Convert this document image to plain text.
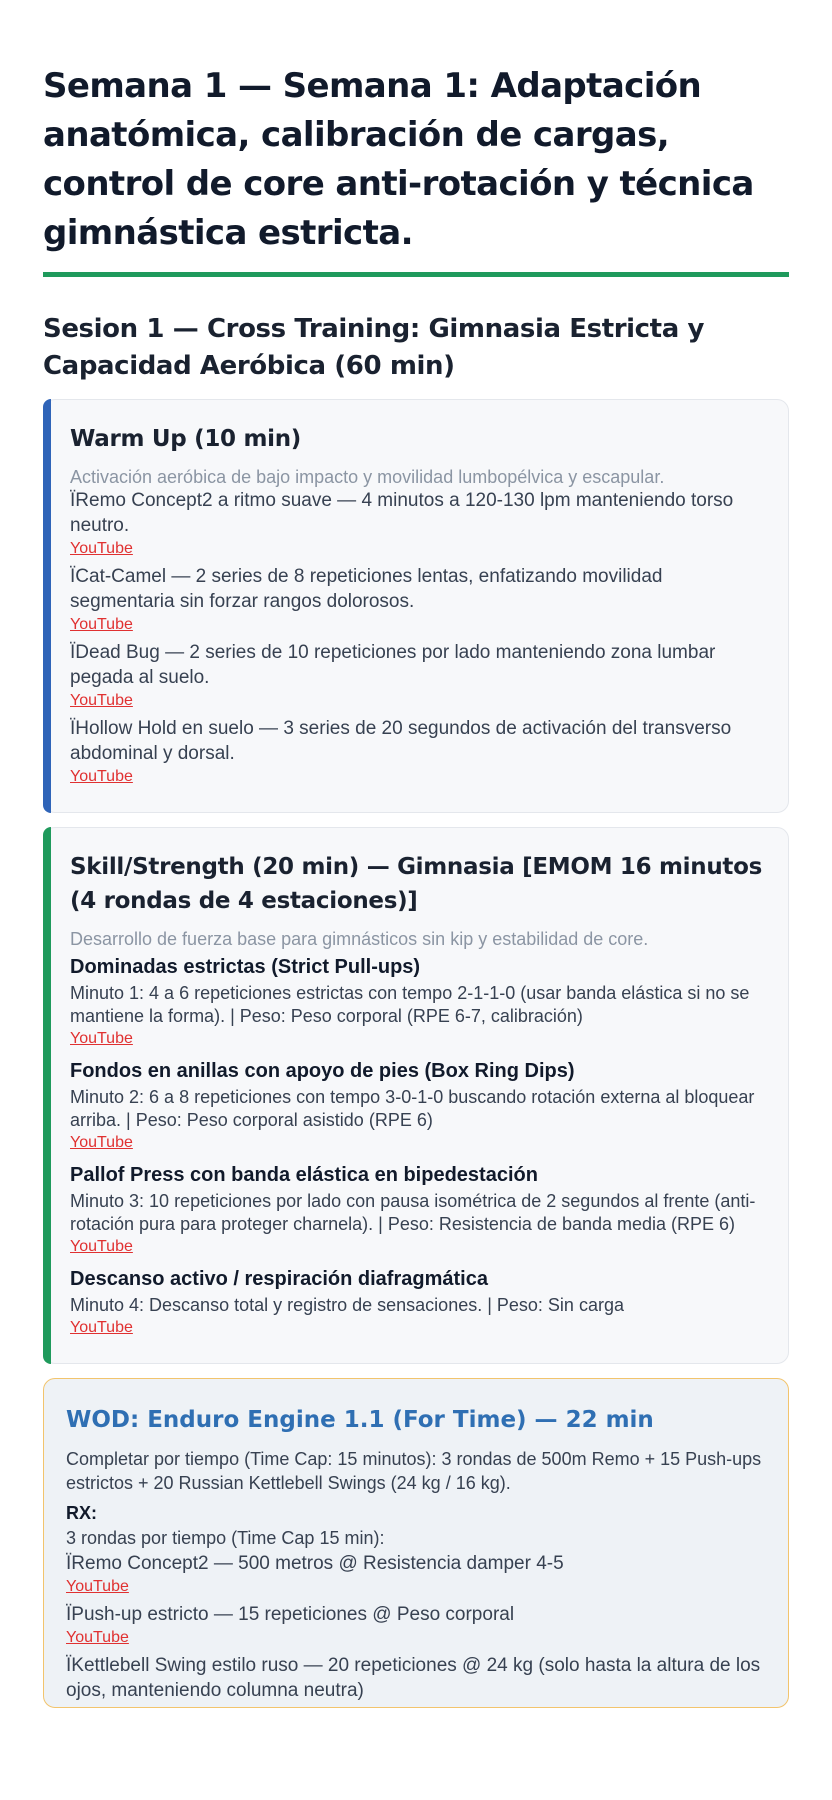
Semana 1 — Semana 1: Adaptación anatómica, calibración de cargas, control de core anti-rotación y técnica gimnástica estricta.
Sesion 1 — Cross Training: Gimnasia Estricta y Capacidad Aeróbica (60 min)
Warm Up (10 min)

Activación aeróbica de bajo impacto y movilidad lumbopélvica y escapular.

ÏRemo Concept2 a ritmo suave — 4 minutos a 120-130 lpm manteniendo torso neutro.

YouTube

ÏCat-Camel — 2 series de 8 repeticiones lentas, enfatizando movilidad segmentaria sin forzar rangos dolorosos.

YouTube

ÏDead Bug — 2 series de 10 repeticiones por lado manteniendo zona lumbar pegada al suelo.

YouTube

ÏHollow Hold en suelo — 3 series de 20 segundos de activación del transverso abdominal y dorsal.

YouTube
Skill/Strength (20 min) — Gimnasia [EMOM 16 minutos (4 rondas de 4 estaciones)]

Desarrollo de fuerza base para gimnásticos sin kip y estabilidad de core.

Dominadas estrictas (Strict Pull-ups)

Minuto 1: 4 a 6 repeticiones estrictas con tempo 2-1-1-0 (usar banda elástica si no se mantiene la forma). | Peso: Peso corporal (RPE 6-7, calibración)

YouTube
Fondos en anillas con apoyo de pies (Box Ring Dips)

Minuto 2: 6 a 8 repeticiones con tempo 3-0-1-0 buscando rotación externa al bloquear arriba. | Peso: Peso corporal asistido (RPE 6)

YouTube
Pallof Press con banda elástica en bipedestación

Minuto 3: 10 repeticiones por lado con pausa isométrica de 2 segundos al frente (anti-rotación pura para proteger charnela). | Peso: Resistencia de banda media (RPE 6)

YouTube
Descanso activo / respiración diafragmática

Minuto 4: Descanso total y registro de sensaciones. | Peso: Sin carga

YouTube
WOD: Enduro Engine 1.1 (For Time) — 22 min

Completar por tiempo (Time Cap: 15 minutos): 3 rondas de 500m Remo + 15 Push-ups estrictos + 20 Russian Kettlebell Swings (24 kg / 16 kg).

RX:

3 rondas por tiempo (Time Cap 15 min):

ÏRemo Concept2 — 500 metros @ Resistencia damper 4-5

YouTube

ÏPush-up estricto — 15 repeticiones @ Peso corporal

YouTube

ÏKettlebell Swing estilo ruso — 20 repeticiones @ 24 kg (solo hasta la altura de los ojos, manteniendo columna neutra)
